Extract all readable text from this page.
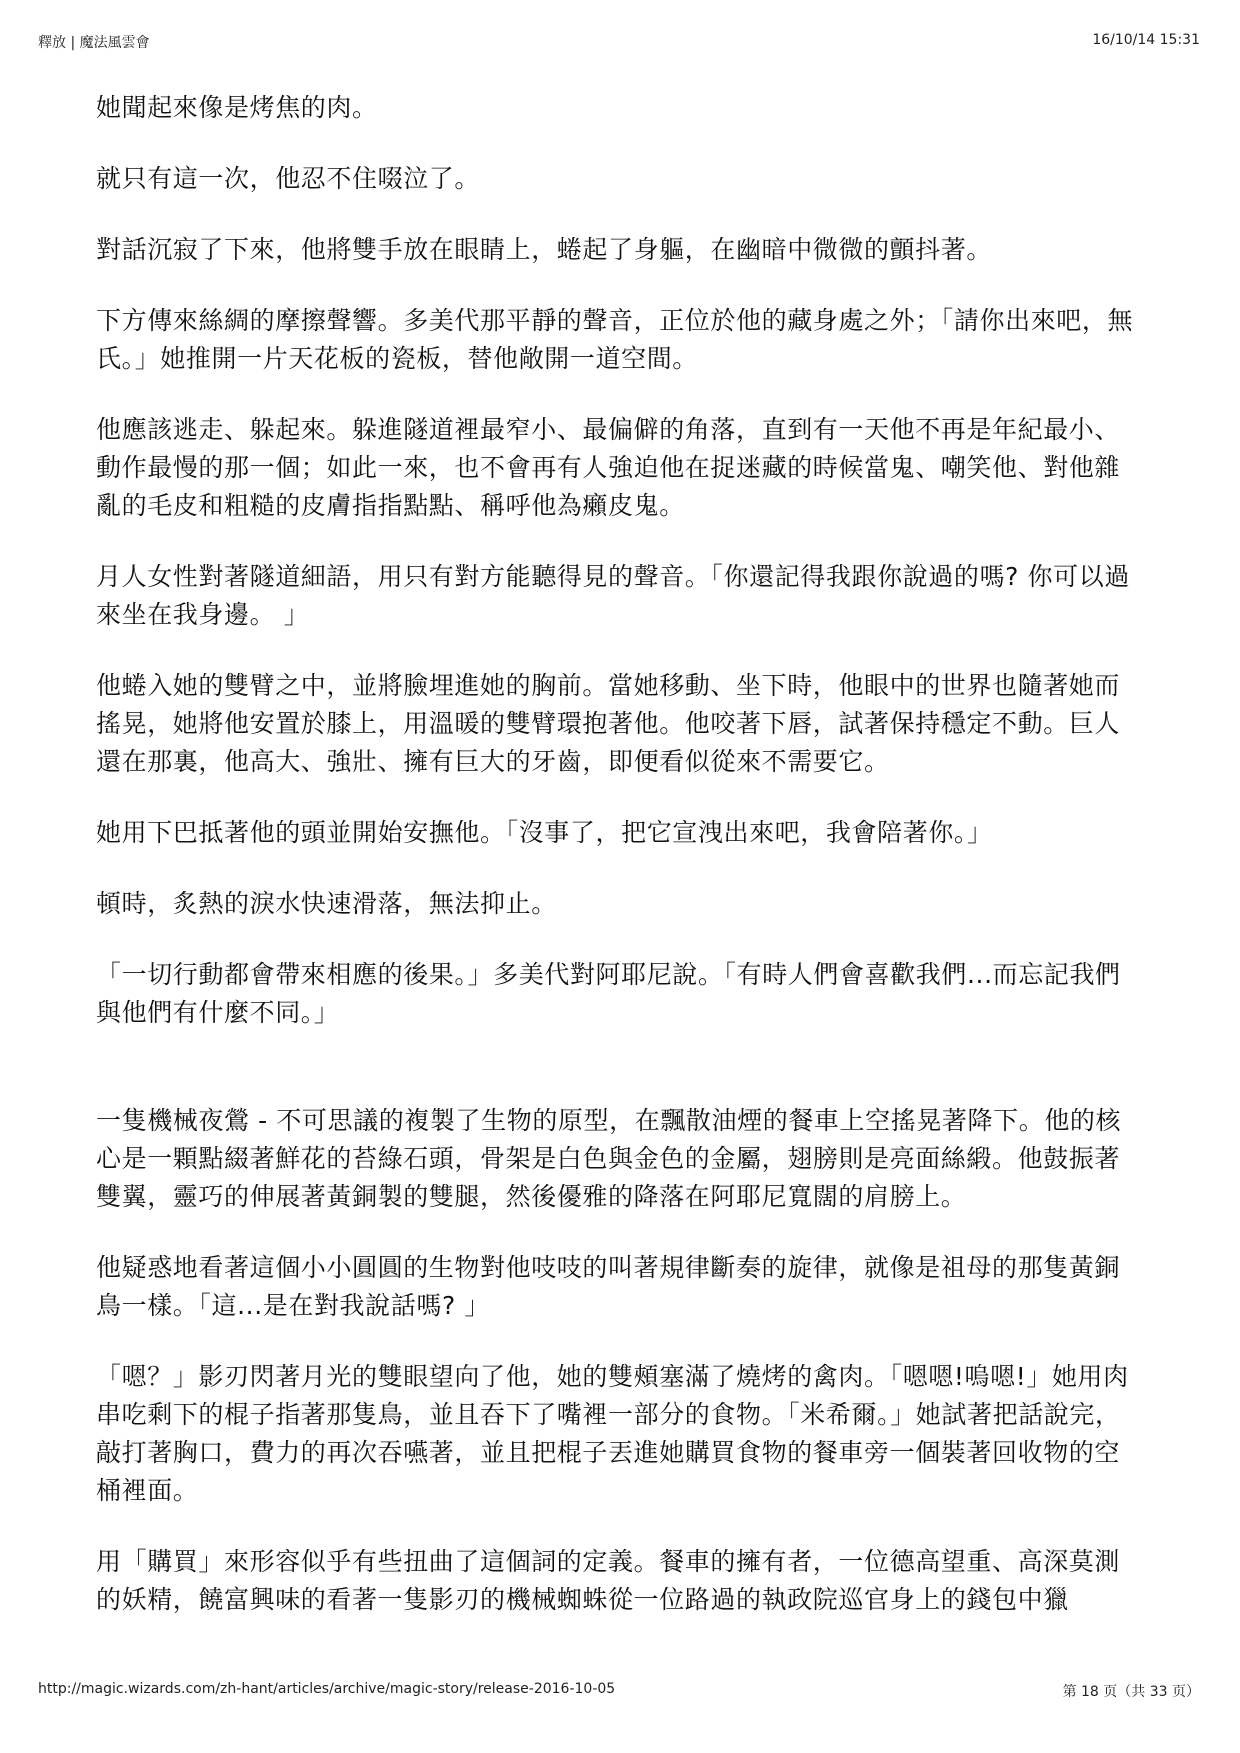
釋放 | 魔法風雲會	16/10/14 15:31

她聞起來像是烤焦的肉。

就只有這一次，他忍不住啜泣了。

對話沉寂了下來，他將雙手放在眼睛上，蜷起了身軀，在幽暗中微微的顫抖著。

下方傳來絲綢的摩擦聲響。多美代那平靜的聲音，正位於他的藏身處之外；「請你出來吧，無氏。」她推開一片天花板的瓷板，替他敞開一道空間。

他應該逃走、躲起來。躲進隧道裡最窄小、最偏僻的角落，直到有一天他不再是年紀最小、動作最慢的那一個；如此一來，也不會再有人強迫他在捉迷藏的時候當鬼、嘲笑他、對他雜亂的毛皮和粗糙的皮膚指指點點、稱呼他為癩皮鬼。

月人女性對著隧道細語，用只有對方能聽得見的聲音。「你還記得我跟你說過的嗎? 你可以過來坐在我身邊。 」

他蜷入她的雙臂之中，並將臉埋進她的胸前。當她移動、坐下時，他眼中的世界也隨著她而搖晃，她將他安置於膝上，用溫暖的雙臂環抱著他。他咬著下唇，試著保持穩定不動。巨人還在那裏，他高大、強壯、擁有巨大的牙齒，即便看似從來不需要它。

她用下巴抵著他的頭並開始安撫他。「沒事了，把它宣洩出來吧，我會陪著你。」

頓時，炙熱的淚水快速滑落，無法抑止。

「一切行動都會帶來相應的後果。」多美代對阿耶尼說。「有時人們會喜歡我們...而忘記我們與他們有什麼不同。」

一隻機械夜鶯 - 不可思議的複製了生物的原型，在飄散油煙的餐車上空搖晃著降下。他的核心是一顆點綴著鮮花的苔綠石頭，骨架是白色與金色的金屬，翅膀則是亮面絲緞。他鼓振著雙翼，靈巧的伸展著黃銅製的雙腿，然後優雅的降落在阿耶尼寬闊的肩膀上。

他疑惑地看著這個小小圓圓的生物對他吱吱的叫著規律斷奏的旋律，就像是祖母的那隻黃銅鳥一樣。「這...是在對我說話嗎? 」

「嗯？」影刃閃著月光的雙眼望向了他，她的雙頰塞滿了燒烤的禽肉。「嗯嗯!嗚嗯!」她用肉串吃剩下的棍子指著那隻鳥，並且吞下了嘴裡一部分的食物。「米希爾。」她試著把話說完，敲打著胸口，費力的再次吞嚥著，並且把棍子丟進她購買食物的餐車旁一個裝著回收物的空桶裡面。

用「購買」來形容似乎有些扭曲了這個詞的定義。餐車的擁有者，一位德高望重、高深莫測的妖精，饒富興味的看著一隻影刃的機械蜘蛛從一位路過的執政院巡官身上的錢包中獵

http://magic.wizards.com/zh-hant/articles/archive/magic-story/release-2016-10-05	第 18 页（共 33 页）
